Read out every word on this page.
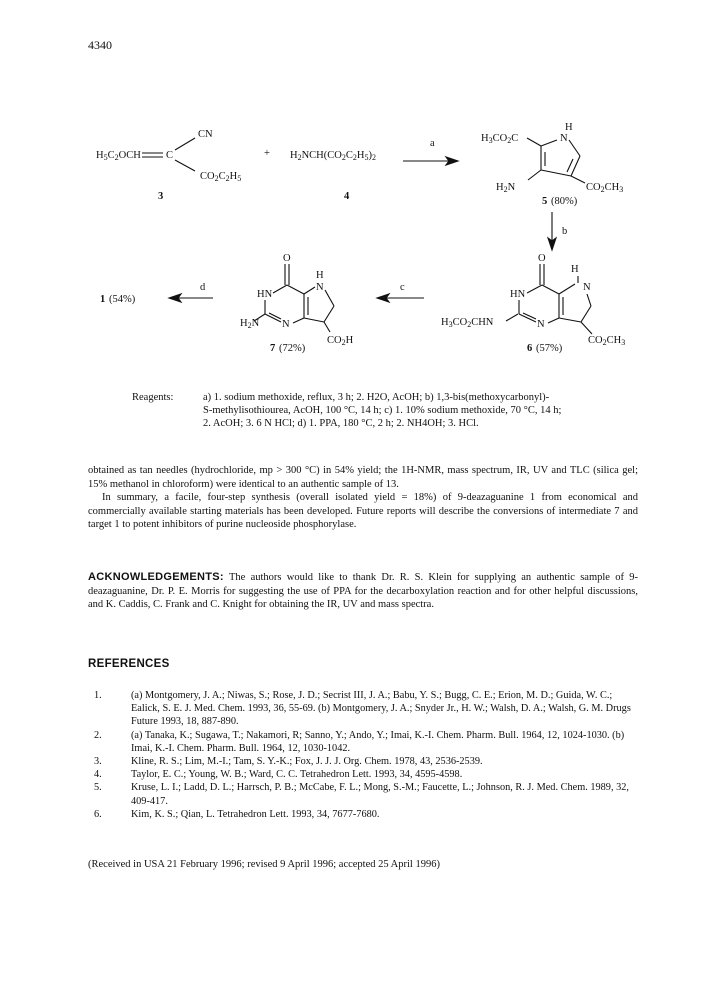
4340
H5C2OCH C
CN
CO2C2H5
3
+ H2NCH(CO2C2H5)2
4
a
H
N
H3CO2C
H2N	CO2CH3
5 (80%)
b
O
H
N
HN
N
H3CO2CHN
CO2CH3
6 (57%)
c
O
H
N
HN
N
H2N
CO2H
7 (72%)
d
1 (54%)
Reagents:	a) 1. sodium methoxide, reflux, 3 h; 2. H2O, AcOH; b) 1,3-bis(methoxycarbonyl)-
S-methylisothiourea, AcOH, 100 °C, 14 h; c) 1. 10% sodium methoxide, 70 °C, 14 h;
2. AcOH; 3. 6 N HCl; d) 1. PPA, 180 °C, 2 h; 2. NH4OH; 3. HCl.

obtained as tan needles (hydrochloride, mp > 300 °C) in 54% yield; the 1H-NMR, mass spectrum, IR, UV and TLC (silica gel; 15% methanol in chloroform) were identical to an authentic sample of 13.

In summary, a facile, four-step synthesis (overall isolated yield = 18%) of 9-deazaguanine 1 from economical and commercially available starting materials has been developed. Future reports will describe the conversions of intermediate 7 and target 1 to potent inhibitors of purine nucleoside phosphorylase.

ACKNOWLEDGEMENTS: The authors would like to thank Dr. R. S. Klein for supplying an authentic sample of 9-deazaguanine, Dr. P. E. Morris for suggesting the use of PPA for the decarboxylation reaction and for other helpful discussions, and K. Caddis, C. Frank and C. Knight for obtaining the IR, UV and mass spectra.
REFERENCES
1.	(a) Montgomery, J. A.; Niwas, S.; Rose, J. D.; Secrist III, J. A.; Babu, Y. S.; Bugg, C. E.; Erion, M. D.; Guida, W. C.; Ealick, S. E. J. Med. Chem. 1993, 36, 55-69. (b) Montgomery, J. A.; Snyder Jr., H. W.; Walsh, D. A.; Walsh, G. M. Drugs Future 1993, 18, 887-890.
2.	(a) Tanaka, K.; Sugawa, T.; Nakamori, R; Sanno, Y.; Ando, Y.; Imai, K.-I. Chem. Pharm. Bull. 1964, 12, 1024-1030. (b) Imai, K.-I. Chem. Pharm. Bull. 1964, 12, 1030-1042.
3.	Kline, R. S.; Lim, M.-I.; Tam, S. Y.-K.; Fox, J. J. J. Org. Chem. 1978, 43, 2536-2539.
4.	Taylor, E. C.; Young, W. B.; Ward, C. C. Tetrahedron Lett. 1993, 34, 4595-4598.
5.	Kruse, L. I.; Ladd, D. L.; Harrsch, P. B.; McCabe, F. L.; Mong, S.-M.; Faucette, L.; Johnson, R. J. Med. Chem. 1989, 32, 409-417.
6.	Kim, K. S.; Qian, L. Tetrahedron Lett. 1993, 34, 7677-7680.
(Received in USA 21 February 1996; revised 9 April 1996; accepted 25 April 1996)
